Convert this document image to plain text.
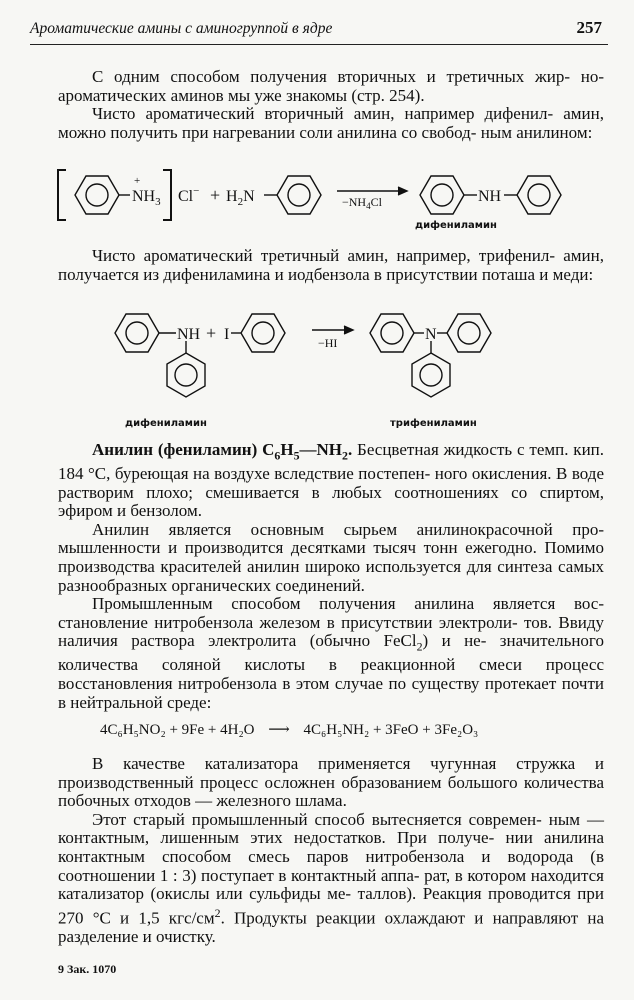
Ароматические амины с аминогруппой в ядре	257

С одним способом получения вторичных и третичных жир- но-ароматических аминов мы уже знакомы (стр. 254).

Чисто ароматический вторичный амин, например дифенил- амин, можно получить при нагревании соли анилина со свобод- ным анилином:

+
$NH_3$ $Cl^- + H_2N$	$-NH_4Cl$	NH
дифениламин

Чисто ароматический третичный амин, например, трифенил- амин, получается из дифениламина и иодбензола в присутствии поташа и меди:

NH + I	−HI	N
дифениламин	трифениламин

Анилин (фениламин) $C_6H_5—NH_2$. Бесцветная жидкость с темп. кип. 184 °С, буреющая на воздухе вследствие постепен- ного окисления. В воде растворим плохо; смешивается в любых соотношениях со спиртом, эфиром и бензолом.

Анилин является основным сырьем анилинокрасочной про- мышленности и производится десятками тысяч тонн ежегодно. Помимо производства красителей анилин широко используется для синтеза самых разнообразных органических соединений.

Промышленным способом получения анилина является вос- становление нитробензола железом в присутствии электроли- тов. Ввиду наличия раствора электролита (обычно FeCl$_2$) и не- значительного количества соляной кислоты в реакционной смеси процесс восстановления нитробензола в этом случае по существу протекает почти в нейтральной среде:

4C₆H₅NO₂ + 9Fe + 4H₂O ⟶ 4C₆H₅NH₂ + 3FeO + 3Fe₂O₃

В качестве катализатора применяется чугунная стружка и производственный процесс осложнен образованием большого количества побочных отходов — железного шлама.

Этот старый промышленный способ вытесняется современ- ным — контактным, лишенным этих недостатков. При получе- нии анилина контактным способом смесь паров нитробензола и водорода (в соотношении 1 : 3) поступает в контактный аппа- рат, в котором находится катализатор (окислы или сульфиды ме- таллов). Реакция проводится при 270 °С и 1,5 кгс/$см^2$. Продукты реакции охлаждают и направляют на разделение и очистку.

9 Зак. 1070
